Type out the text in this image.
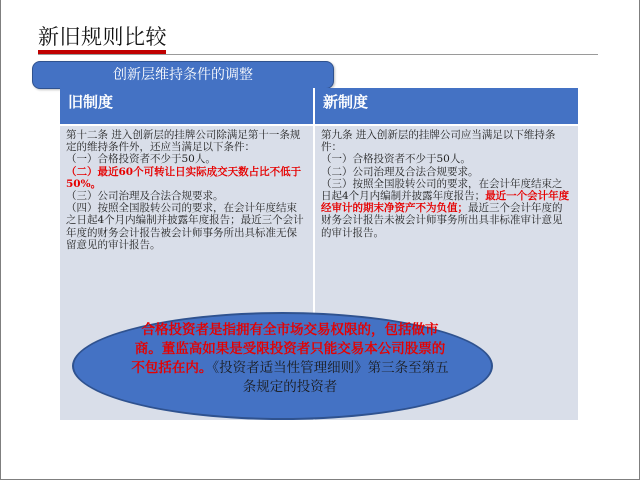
新旧规则比较
创新层维持条件的调整
旧制度	新制度

第十二条 进入创新层的挂牌公司除满足第十一条规定的维持条件外，还应当满足以下条件：

（一）合格投资者不少于50人。

（二）最近60个可转让日实际成交天数占比不低于50%。

（三）公司治理及合法合规要求。

（四）按照全国股转公司的要求，在会计年度结束之日起4个月内编制并披露年度报告；最近三个会计年度的财务会计报告被会计师事务所出具标准无保留意见的审计报告。

第九条 进入创新层的挂牌公司应当满足以下维持条件：

（一）合格投资者不少于50人。

（二）公司治理及合法合规要求。

（三）按照全国股转公司的要求，在会计年度结束之日起4个月内编制并披露年度报告；最近一个会计年度经审计的期末净资产不为负值；最近三个会计年度的财务会计报告未被会计师事务所出具非标准审计意见的审计报告。

合格投资者是指拥有全市场交易权限的，包括做市商。董监高如果是受限投资者只能交易本公司股票的不包括在内。《投资者适当性管理细则》第三条至第五条规定的投资者
